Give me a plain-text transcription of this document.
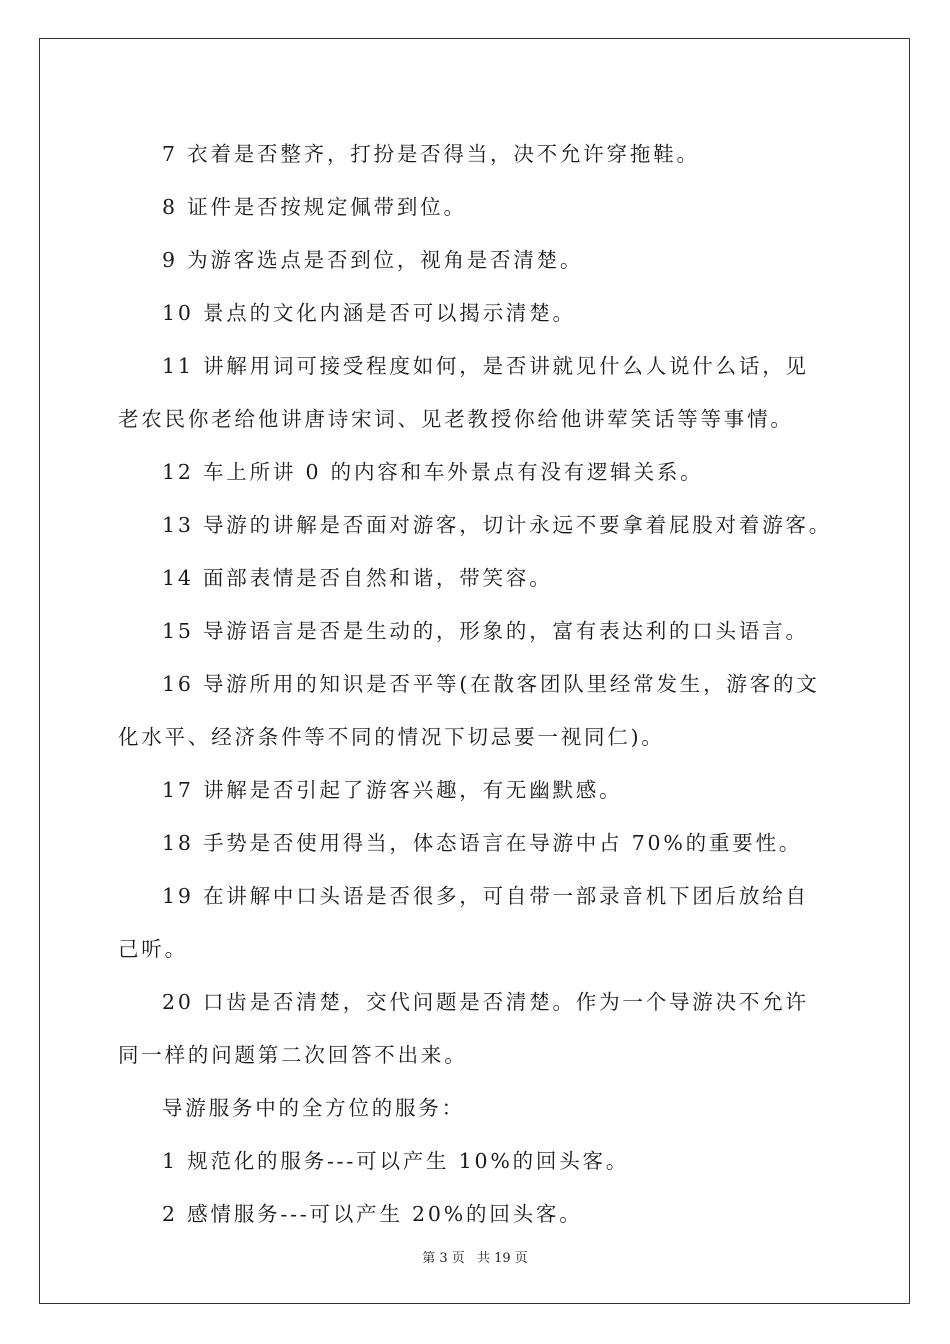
7 衣着是否整齐，打扮是否得当，决不允许穿拖鞋。

8 证件是否按规定佩带到位。

9 为游客选点是否到位，视角是否清楚。

10 景点的文化内涵是否可以揭示清楚。

11 讲解用词可接受程度如何，是否讲就见什么人说什么话，见

老农民你老给他讲唐诗宋词、见老教授你给他讲荤笑话等等事情。

12 车上所讲 0 的内容和车外景点有没有逻辑关系。

13 导游的讲解是否面对游客，切计永远不要拿着屁股对着游客。

14 面部表情是否自然和谐，带笑容。

15 导游语言是否是生动的，形象的，富有表达利的口头语言。

16 导游所用的知识是否平等(在散客团队里经常发生，游客的文

化水平、经济条件等不同的情况下切忌要一视同仁)。

17 讲解是否引起了游客兴趣，有无幽默感。

18 手势是否使用得当，体态语言在导游中占 70%的重要性。

19 在讲解中口头语是否很多，可自带一部录音机下团后放给自

己听。

20 口齿是否清楚，交代问题是否清楚。作为一个导游决不允许

同一样的问题第二次回答不出来。

导游服务中的全方位的服务：

1 规范化的服务---可以产生 10%的回头客。

2 感情服务---可以产生 20%的回头客。

第 3 页 共 19 页
